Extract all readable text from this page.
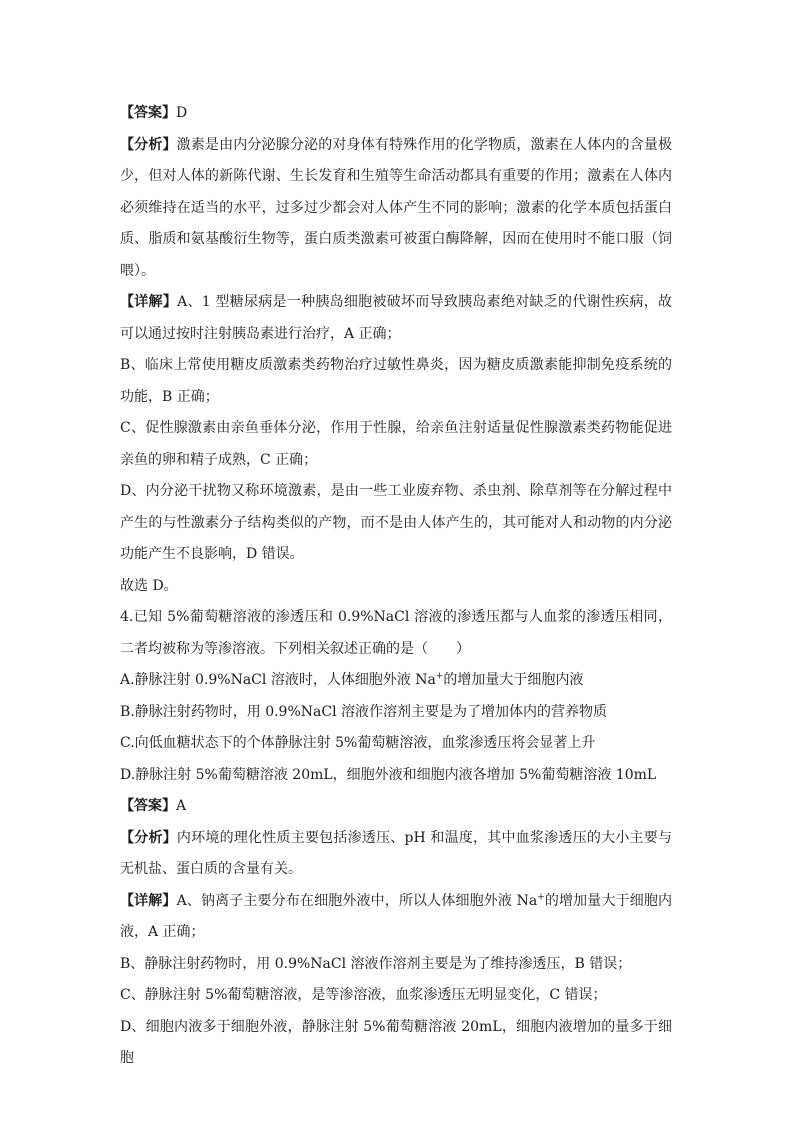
【答案】D

【分析】激素是由内分泌腺分泌的对身体有特殊作用的化学物质，激素在人体内的含量极少，但对人体的新陈代谢、生长发育和生殖等生命活动都具有重要的作用；激素在人体内必须维持在适当的水平，过多过少都会对人体产生不同的影响；激素的化学本质包括蛋白质、脂质和氨基酸衍生物等，蛋白质类激素可被蛋白酶降解，因而在使用时不能口服（饲喂）。

【详解】A、1 型糖尿病是一种胰岛细胞被破坏而导致胰岛素绝对缺乏的代谢性疾病，故可以通过按时注射胰岛素进行治疗，A 正确；

B、临床上常使用糖皮质激素类药物治疗过敏性鼻炎，因为糖皮质激素能抑制免疫系统的功能，B 正确；

C、促性腺激素由亲鱼垂体分泌，作用于性腺，给亲鱼注射适量促性腺激素类药物能促进亲鱼的卵和精子成熟，C 正确；

D、内分泌干扰物又称环境激素，是由一些工业废弃物、杀虫剂、除草剂等在分解过程中产生的与性激素分子结构类似的产物，而不是由人体产生的，其可能对人和动物的内分泌功能产生不良影响，D 错误。

故选 D。

4.已知 5%葡萄糖溶液的渗透压和 0.9%NaCl 溶液的渗透压都与人血浆的渗透压相同，二者均被称为等渗溶液。下列相关叙述正确的是（　　）

A.静脉注射 0.9%NaCl 溶液时，人体细胞外液 Na+的增加量大于细胞内液

B.静脉注射药物时，用 0.9%NaCl 溶液作溶剂主要是为了增加体内的营养物质

C.向低血糖状态下的个体静脉注射 5%葡萄糖溶液，血浆渗透压将会显著上升

D.静脉注射 5%葡萄糖溶液 20mL，细胞外液和细胞内液各增加 5%葡萄糖溶液 10mL

【答案】A

【分析】内环境的理化性质主要包括渗透压、pH 和温度，其中血浆渗透压的大小主要与无机盐、蛋白质的含量有关。

【详解】A、钠离子主要分布在细胞外液中，所以人体细胞外液 Na+的增加量大于细胞内液，A 正确；

B、静脉注射药物时，用 0.9%NaCl 溶液作溶剂主要是为了维持渗透压，B 错误；

C、静脉注射 5%葡萄糖溶液，是等渗溶液，血浆渗透压无明显变化，C 错误；

D、细胞内液多于细胞外液，静脉注射 5%葡萄糖溶液 20mL，细胞内液增加的量多于细胞
